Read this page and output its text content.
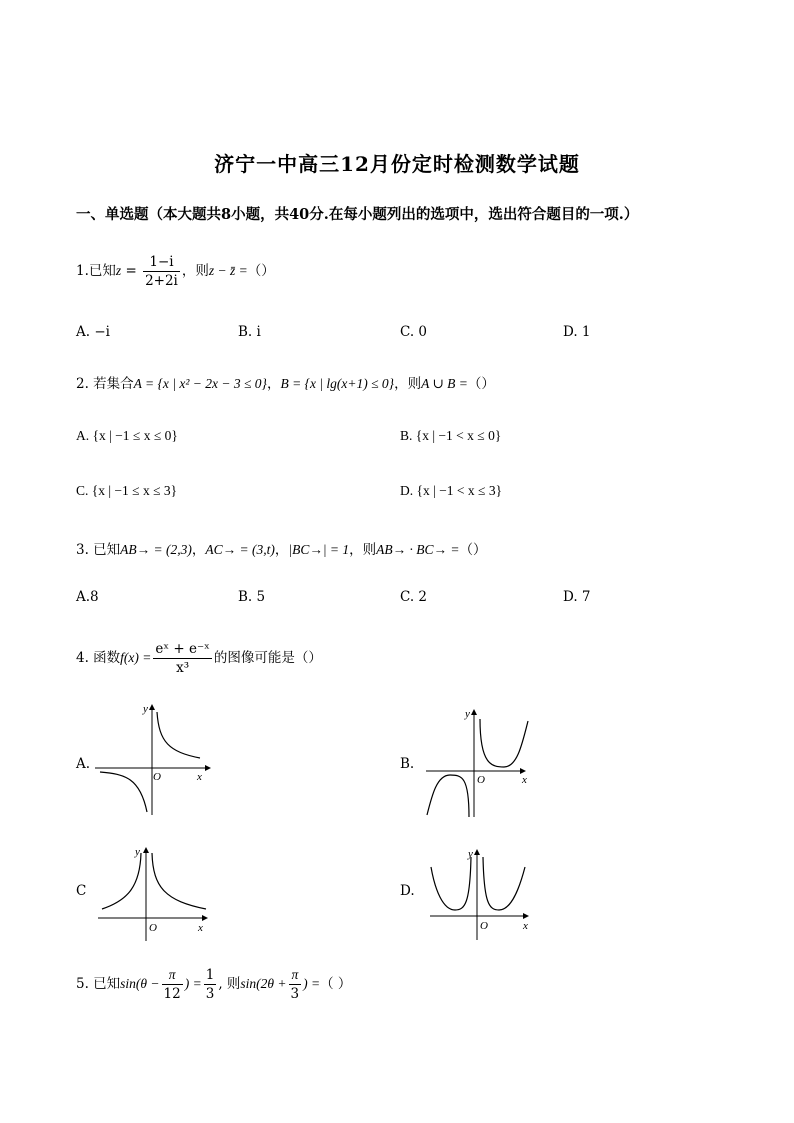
济宁一中高三12月份定时检测数学试题
一、单选题（本大题共8小题，共40分.在每小题列出的选项中，选出符合题目的一项.）
1.已知$z = \frac{1-i}{2+2i}$ ，则z − z̄ =（）
A. −i	B. i	C. 0	D. 1
2. 若集合A = {x | x² − 2x − 3 ≤ 0}，B = {x | lg(x+1) ≤ 0}，则A ∪ B =（）
A. {x | −1 ≤ x ≤ 0}	B. {x | −1 < x ≤ 0}
C. {x | −1 ≤ x ≤ 3}	D. {x | −1 < x ≤ 3}
3. 已知AB→ = (2,3)，AC→ = (3,t)，|BC→| = 1，则AB→ · BC→ =（）
A.8	B. 5	C. 2	D. 7
4. 函数$f(x) = \frac{\text{eˣ + e⁻ˣ}}{\text{x³}}$ 的图像可能是（）
A.	B.
C	D.
y
O	x
y
O	x
y
O	x
y
O	x
5. 已知$\sin(\theta - \frac{\pi}{12}$ ) = $\frac{1}{3}$ , 则$\sin(2\theta + \frac{\pi}{3}$ ) =（ ）
